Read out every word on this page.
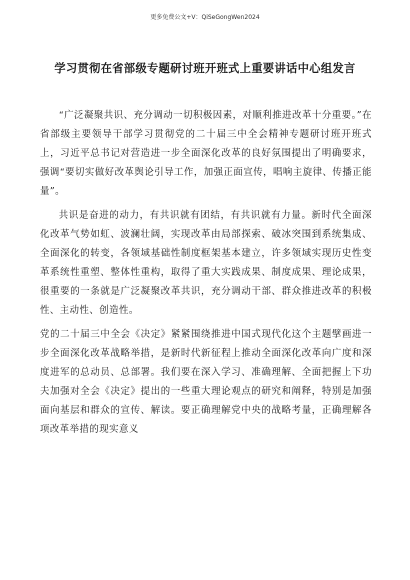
更多免费公文+V：QiSeGongWen2024
学习贯彻在省部级专题研讨班开班式上重要讲话中心组发言

“广泛凝聚共识、充分调动一切积极因素，对顺利推进改革十分重要。”在省部级主要领导干部学习贯彻党的二十届三中全会精神专题研讨班开班式上，习近平总书记对营造进一步全面深化改革的良好氛围提出了明确要求，强调“要切实做好改革舆论引导工作，加强正面宣传，唱响主旋律、传播正能量”。

共识是奋进的动力，有共识就有团结，有共识就有力量。新时代全面深化改革气势如虹、波澜壮阔，实现改革由局部探索、破冰突围到系统集成、全面深化的转变，各领域基础性制度框架基本建立，许多领域实现历史性变革系统性重塑、整体性重构，取得了重大实践成果、制度成果、理论成果，很重要的一条就是广泛凝聚改革共识，充分调动干部、群众推进改革的积极性、主动性、创造性。

党的二十届三中全会《决定》紧紧围绕推进中国式现代化这个主题擘画进一步全面深化改革战略举措，是新时代新征程上推动全面深化改革向广度和深度进军的总动员、总部署。我们要在深入学习、准确理解、全面把握上下功夫加强对全会《决定》提出的一些重大理论观点的研究和阐释，特别是加强面向基层和群众的宣传、解读。要正确理解党中央的战略考量，正确理解各项改革举措的现实意义
